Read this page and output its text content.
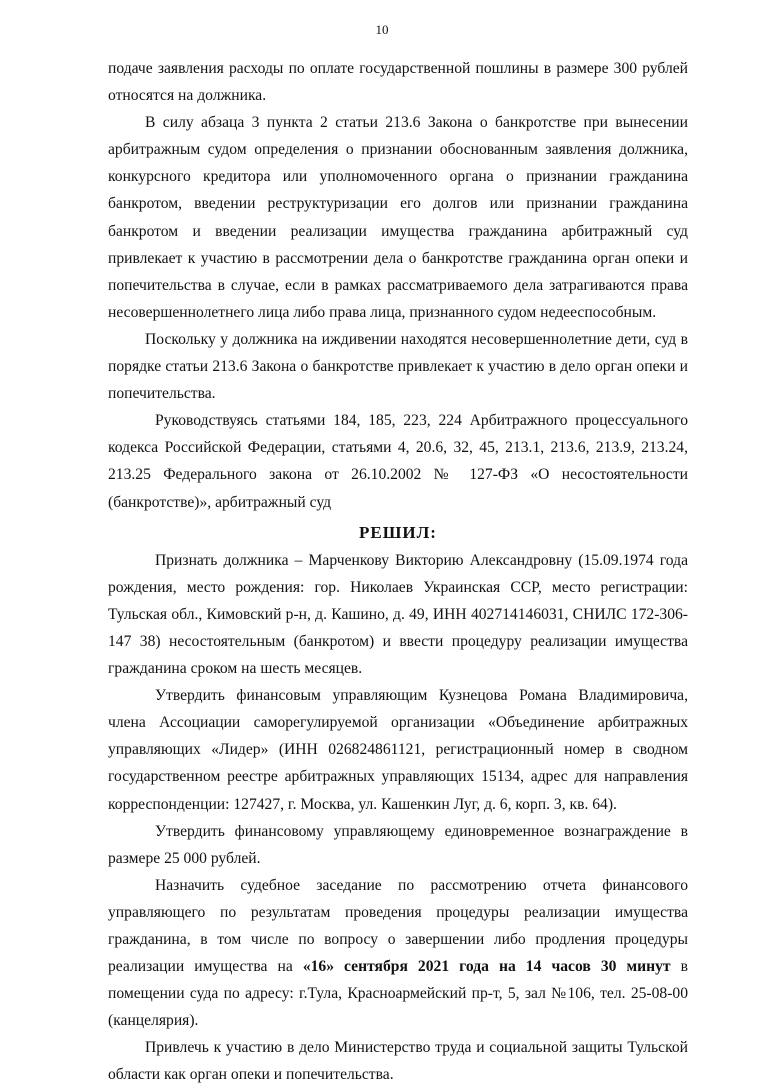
10

подаче заявления расходы по оплате государственной пошлины в размере 300 рублей относятся на должника.

В силу абзаца 3 пункта 2 статьи 213.6 Закона о банкротстве при вынесении арбитражным судом определения о признании обоснованным заявления должника, конкурсного кредитора или уполномоченного органа о признании гражданина банкротом, введении реструктуризации его долгов или признании гражданина банкротом и введении реализации имущества гражданина арбитражный суд привлекает к участию в рассмотрении дела о банкротстве гражданина орган опеки и попечительства в случае, если в рамках рассматриваемого дела затрагиваются права несовершеннолетнего лица либо права лица, признанного судом недееспособным.

Поскольку у должника на иждивении находятся несовершеннолетние дети, суд в порядке статьи 213.6 Закона о банкротстве привлекает к участию в дело орган опеки и попечительства.

Руководствуясь статьями 184, 185, 223, 224 Арбитражного процессуального кодекса Российской Федерации, статьями 4, 20.6, 32, 45, 213.1, 213.6, 213.9, 213.24, 213.25 Федерального закона от 26.10.2002 № 127-ФЗ «О несостоятельности (банкротстве)», арбитражный суд

РЕШИЛ:

Признать должника – Марченкову Викторию Александровну (15.09.1974 года рождения, место рождения: гор. Николаев Украинская ССР, место регистрации: Тульская обл., Кимовский р-н, д. Кашино, д. 49, ИНН 402714146031, СНИЛС 172-306-147 38) несостоятельным (банкротом) и ввести процедуру реализации имущества гражданина сроком на шесть месяцев.

Утвердить финансовым управляющим Кузнецова Романа Владимировича, члена Ассоциации саморегулируемой организации «Объединение арбитражных управляющих «Лидер» (ИНН 026824861121, регистрационный номер в сводном государственном реестре арбитражных управляющих 15134, адрес для направления корреспонденции: 127427, г. Москва, ул. Кашенкин Луг, д. 6, корп. 3, кв. 64).

Утвердить финансовому управляющему единовременное вознаграждение в размере 25 000 рублей.

Назначить судебное заседание по рассмотрению отчета финансового управляющего по результатам проведения процедуры реализации имущества гражданина, в том числе по вопросу о завершении либо продления процедуры реализации имущества на «16» сентября 2021 года на 14 часов 30 минут в помещении суда по адресу: г.Тула, Красноармейский пр-т, 5, зал №106, тел. 25-08-00 (канцелярия).

Привлечь к участию в дело Министерство труда и социальной защиты Тульской области как орган опеки и попечительства.
